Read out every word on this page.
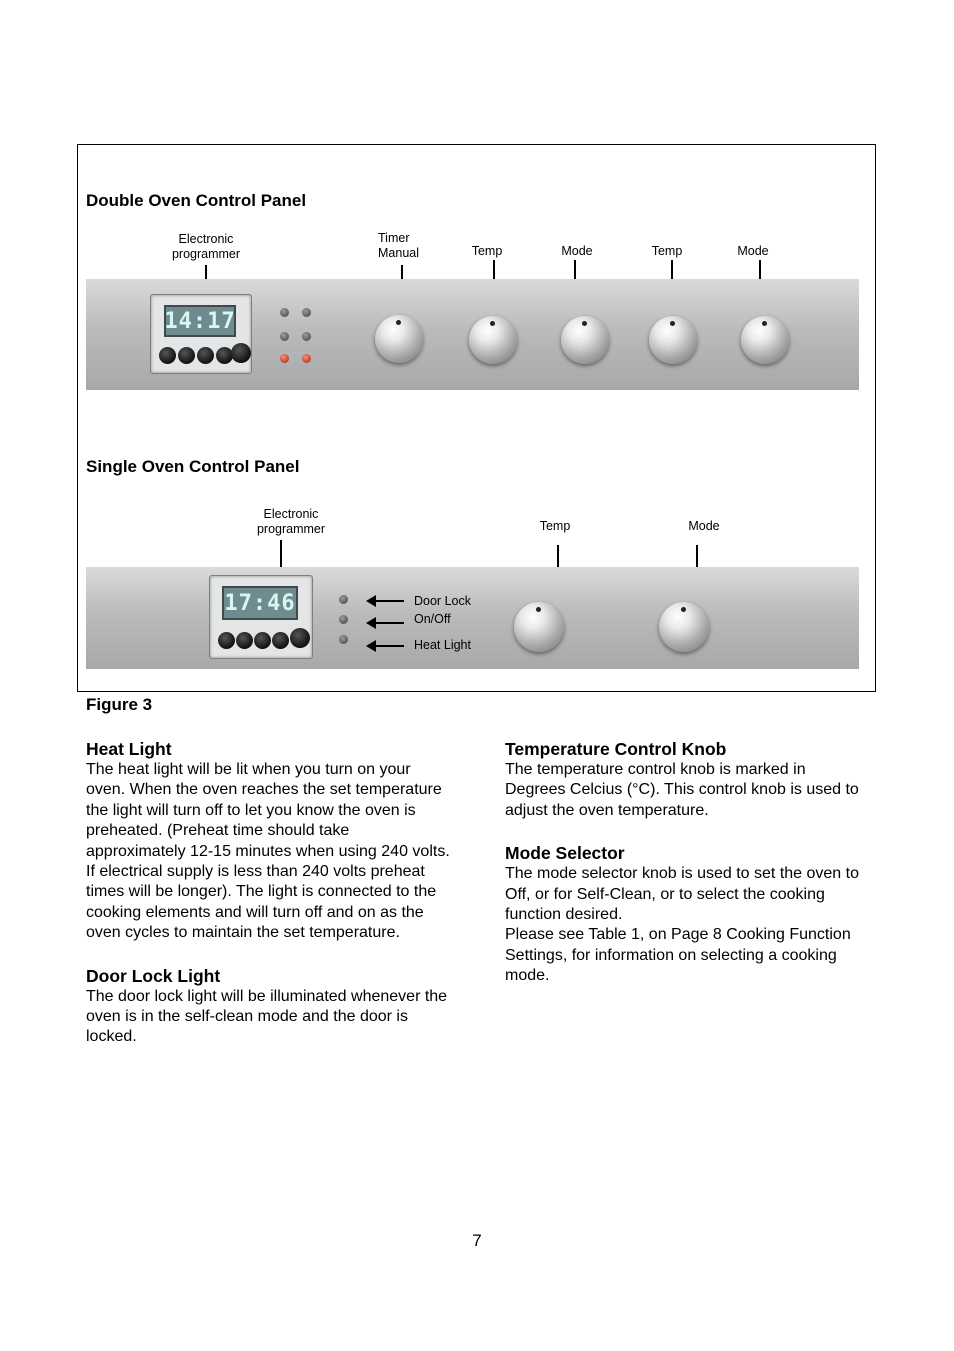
Double Oven Control Panel
Electronic
programmer
Timer
Manual	Temp	Mode	Temp	Mode
14:17
Single Oven Control Panel
Electronic
programmer	Temp	Mode
17:46	Door Lock
On/Off
Heat Light
Figure 3
Heat Light
The heat light will be lit when you turn on your oven. When the oven reaches the set temperature the light will turn off to let you know the oven is preheated. (Preheat time should take approximately 12-15 minutes when using 240 volts. If electrical supply is less than 240 volts preheat times will be longer). The light is connected to the cooking elements and will turn off and on as the oven cycles to maintain the set temperature.
Door Lock Light
The door lock light will be illuminated whenever the oven is in the self-clean mode and the door is locked.
Temperature Control Knob
The temperature control knob is marked in Degrees Celcius (°C). This control knob is used to adjust the oven temperature.
Mode Selector
The mode selector knob is used to set the oven to Off, or for Self-Clean, or to select the cooking function desired.
Please see Table 1, on Page 8 Cooking Function Settings, for information on selecting a cooking mode.
7
